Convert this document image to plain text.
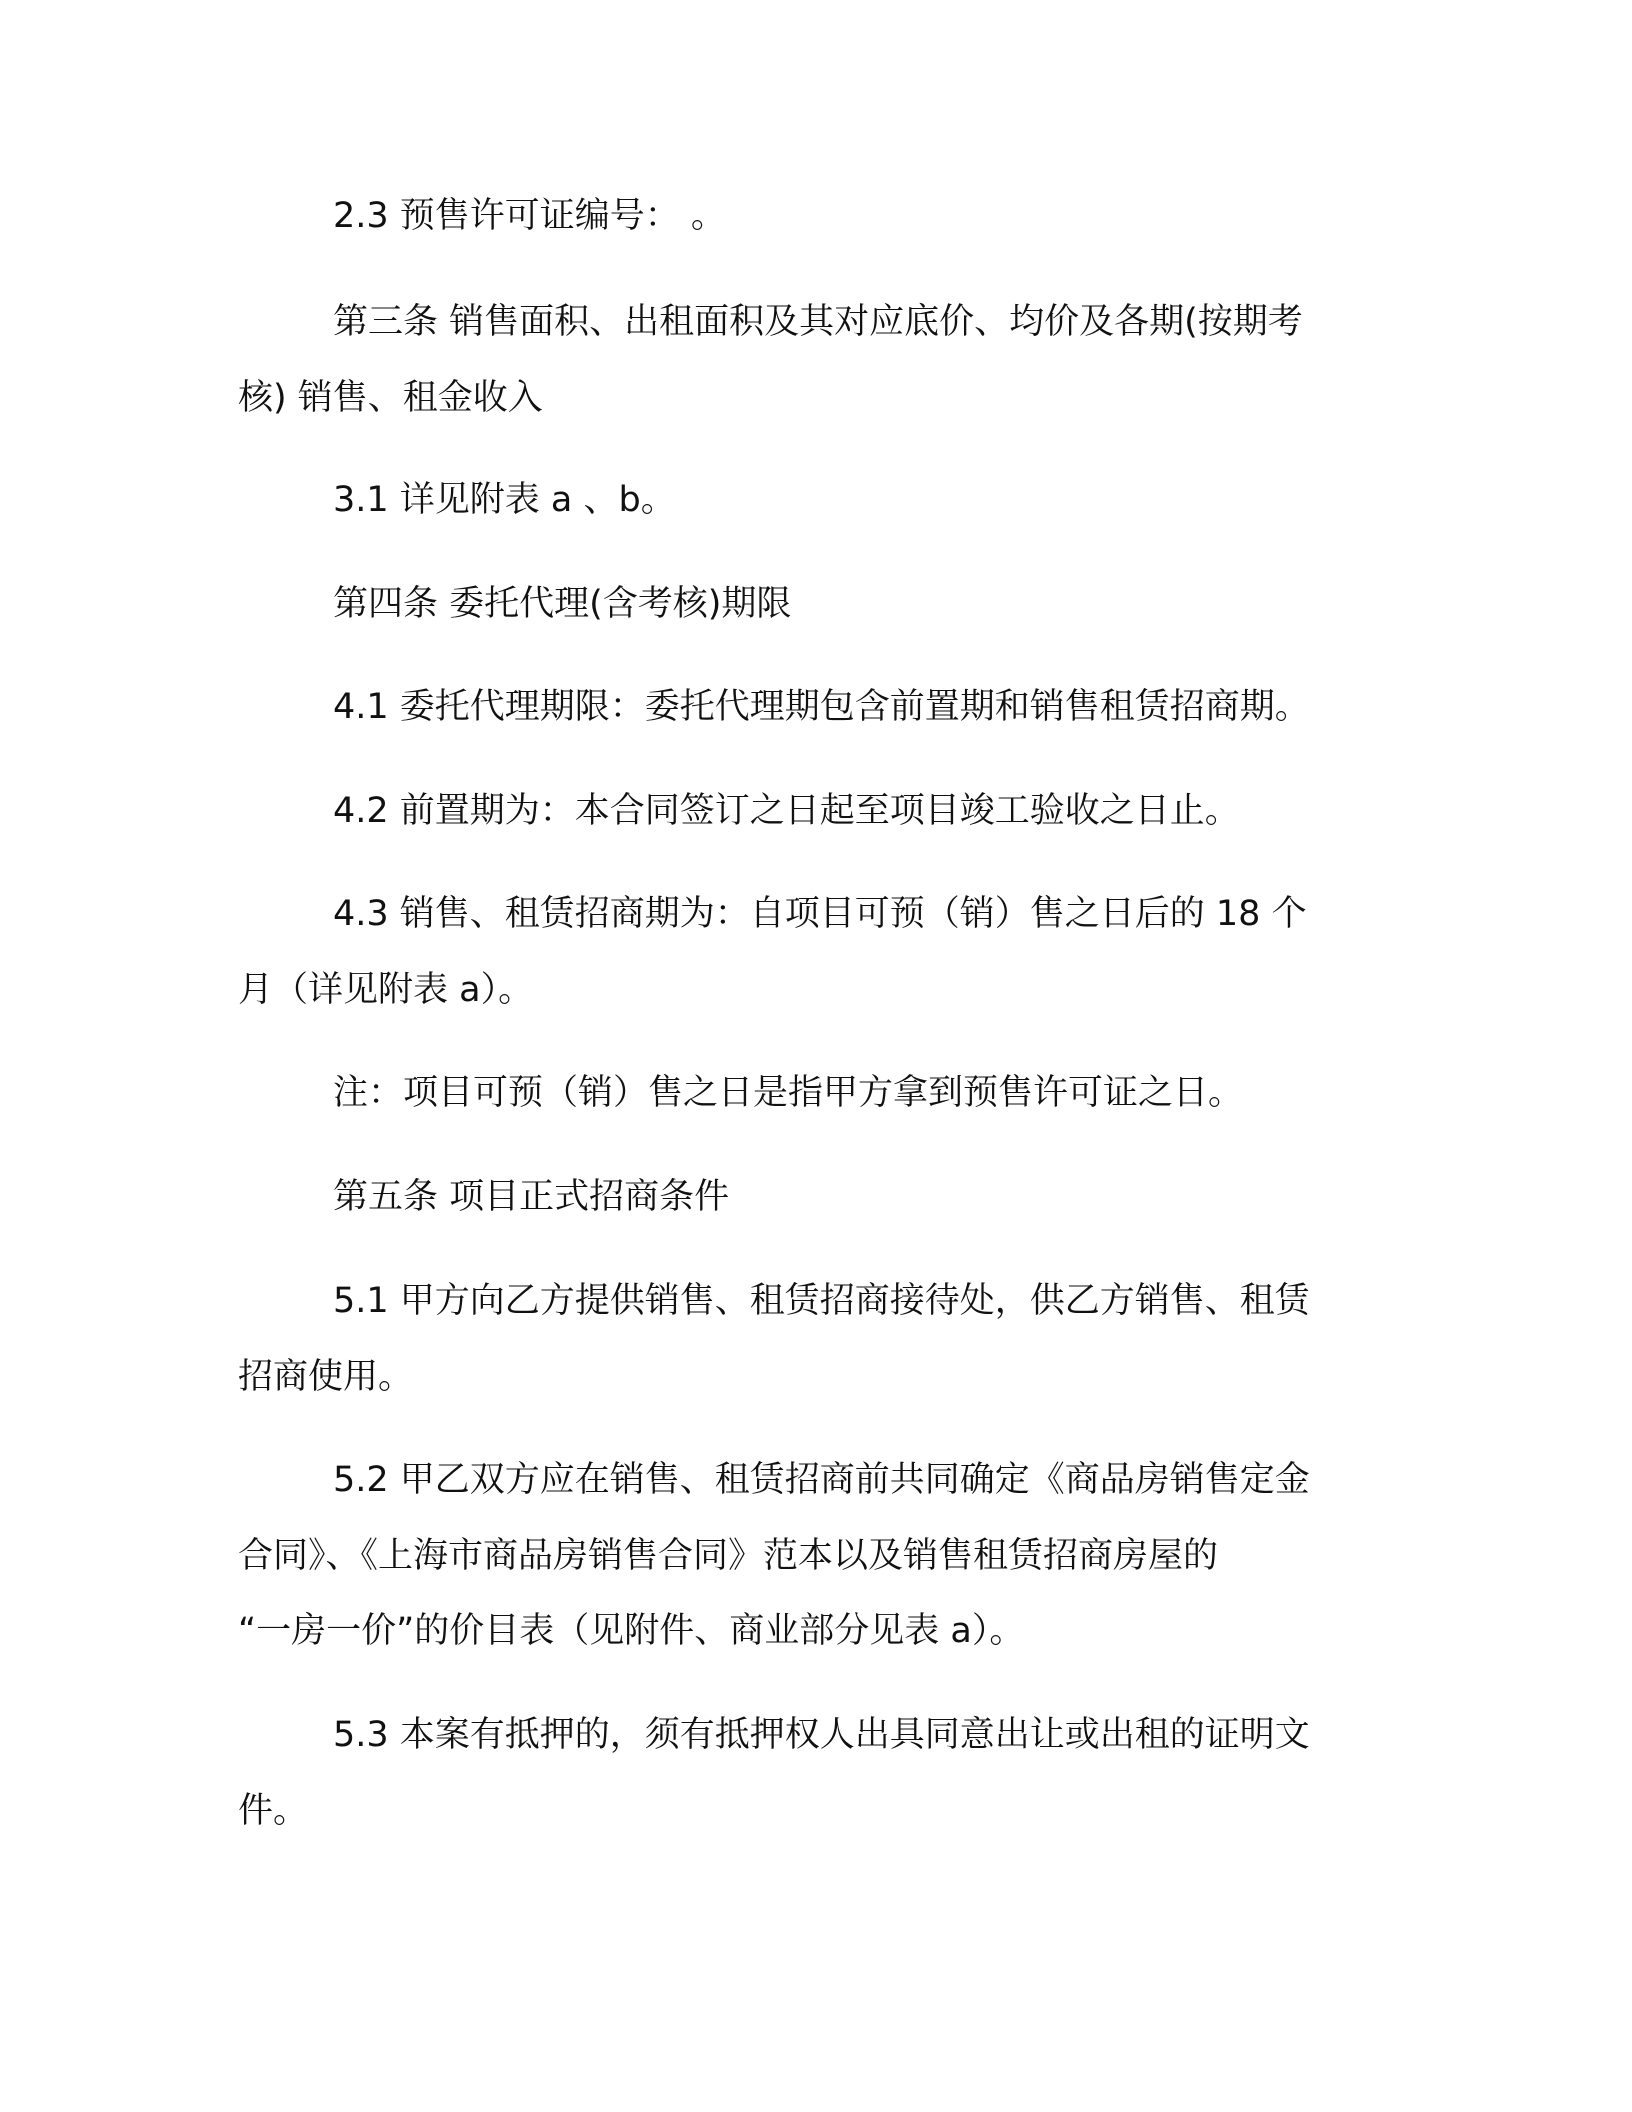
2.3 预售许可证编号： 。
第三条 销售面积、出租面积及其对应底价、均价及各期(按期考
核) 销售、租金收入
3.1 详见附表 a 、b。
第四条 委托代理(含考核)期限
4.1 委托代理期限：委托代理期包含前置期和销售租赁招商期。
4.2 前置期为：本合同签订之日起至项目竣工验收之日止。
4.3 销售、租赁招商期为：自项目可预（销）售之日后的 18 个
月（详见附表 a）。
注：项目可预（销）售之日是指甲方拿到预售许可证之日。
第五条 项目正式招商条件
5.1 甲方向乙方提供销售、租赁招商接待处，供乙方销售、租赁
招商使用。
5.2 甲乙双方应在销售、租赁招商前共同确定《商品房销售定金
合同》、《上海市商品房销售合同》范本以及销售租赁招商房屋的
“一房一价”的价目表（见附件、商业部分见表 a）。
5.3 本案有抵押的，须有抵押权人出具同意出让或出租的证明文
件。
